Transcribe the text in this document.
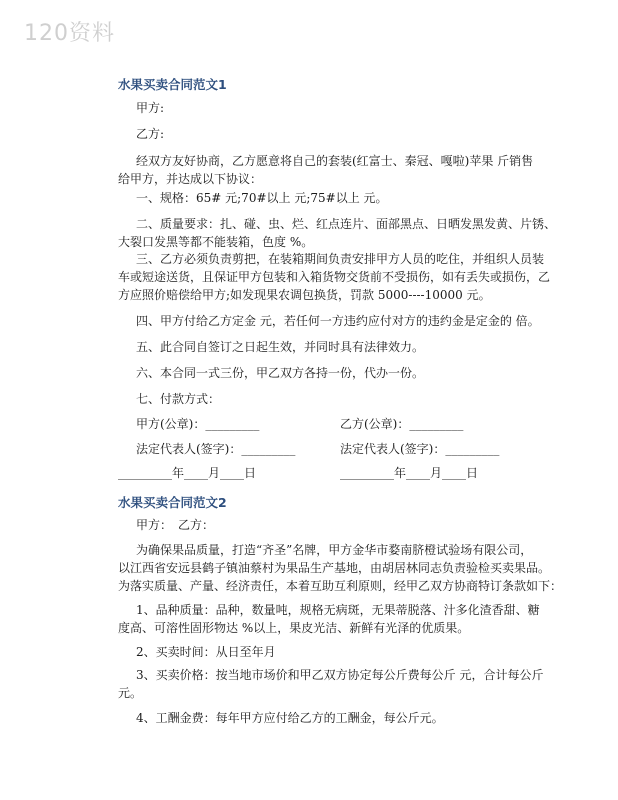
120资料
水果买卖合同范文1
甲方:
乙方:
经双方友好协商，乙方愿意将自己的套装(红富士、秦冠、嘎啦)苹果 斤销售
给甲方，并达成以下协议：
一、规格：65# 元;70#以上 元;75#以上 元。
二、质量要求：扎、碰、虫、烂、红点连片、面部黑点、日晒发黑发黄、片锈、
大裂口发黑等都不能装箱，色度 %。
三、乙方必须负责剪把，在装箱期间负责安排甲方人员的吃住，并组织人员装
车或短途送货，且保证甲方包装和入箱货物交货前不受损伤，如有丢失或损伤，乙
方应照价赔偿给甲方;如发现果农调包换货，罚款 5000----10000 元。
四、甲方付给乙方定金 元，若任何一方违约应付对方的违约金是定金的 倍。
五、此合同自签订之日起生效，并同时具有法律效力。
六、本合同一式三份，甲乙双方各持一份，代办一份。
七、付款方式：
甲方(公章)：_________	乙方(公章)：_________
法定代表人(签字)：_________	法定代表人(签字)：_________
_________年____月____日	_________年____月____日
水果买卖合同范文2
甲方：　乙方：
为确保果品质量，打造“齐圣”名牌，甲方金华市婺南脐橙试验场有限公司，
以江西省安远县鹤子镇油蔡村为果品生产基地，由胡居林同志负责验检买卖果品。
为落实质量、产量、经济责任，本着互助互利原则，经甲乙双方协商特订条款如下：
1、品种质量：品种，数量吨，规格无病斑，无果蒂脱落、汁多化渣香甜、糖
度高、可溶性固形物达 %以上，果皮光洁、新鲜有光泽的优质果。
2、买卖时间：从日至年月
3、买卖价格：按当地市场价和甲乙双方协定每公斤费每公斤 元，合计每公斤
元。
4、工酬金费：每年甲方应付给乙方的工酬金，每公斤元。
